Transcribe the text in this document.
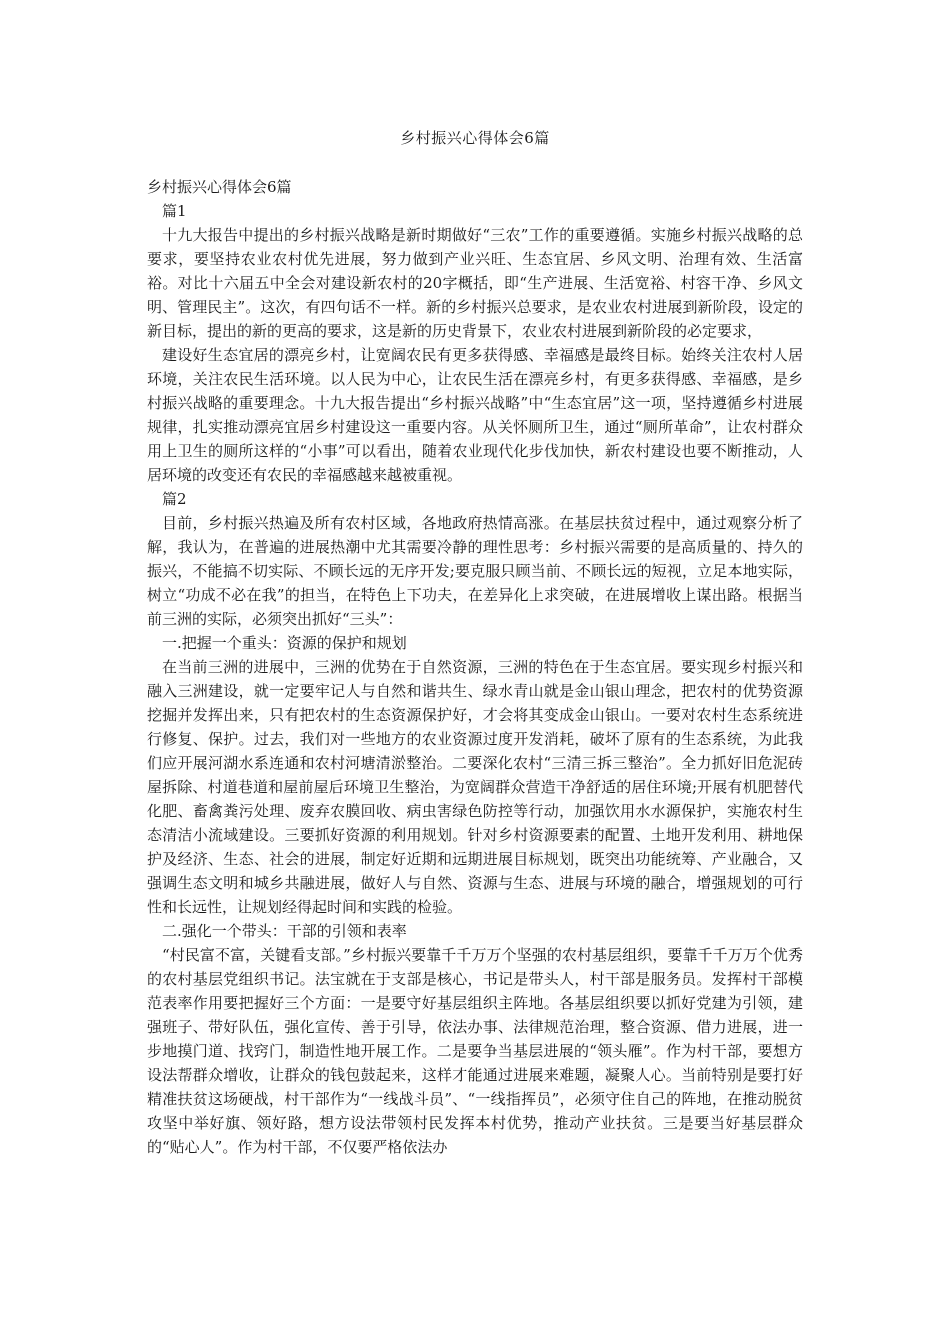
乡村振兴心得体会6篇

乡村振兴心得体会6篇

篇1

十九大报告中提出的乡村振兴战略是新时期做好“三农”工作的重要遵循。实施乡村振兴战略的总要求，要坚持农业农村优先进展，努力做到产业兴旺、生态宜居、乡风文明、治理有效、生活富裕。对比十六届五中全会对建设新农村的20字概括，即“生产进展、生活宽裕、村容干净、乡风文明、管理民主”。这次，有四句话不一样。新的乡村振兴总要求，是农业农村进展到新阶段，设定的新目标，提出的新的更高的要求，这是新的历史背景下，农业农村进展到新阶段的必定要求，

建设好生态宜居的漂亮乡村，让宽阔农民有更多获得感、幸福感是最终目标。始终关注农村人居环境，关注农民生活环境。以人民为中心，让农民生活在漂亮乡村，有更多获得感、幸福感，是乡村振兴战略的重要理念。十九大报告提出“乡村振兴战略”中“生态宜居”这一项，坚持遵循乡村进展规律，扎实推动漂亮宜居乡村建设这一重要内容。从关怀厕所卫生，通过“厕所革命”，让农村群众用上卫生的厕所这样的“小事”可以看出，随着农业现代化步伐加快，新农村建设也要不断推动，人居环境的改变还有农民的幸福感越来越被重视。

篇2

目前，乡村振兴热遍及所有农村区域，各地政府热情高涨。在基层扶贫过程中，通过观察分析了解，我认为，在普遍的进展热潮中尤其需要冷静的理性思考：乡村振兴需要的是高质量的、持久的振兴，不能搞不切实际、不顾长远的无序开发;要克服只顾当前、不顾长远的短视，立足本地实际，树立“功成不必在我”的担当，在特色上下功夫，在差异化上求突破，在进展增收上谋出路。根据当前三洲的实际，必须突出抓好“三头”：

一.把握一个重头：资源的保护和规划

在当前三洲的进展中，三洲的优势在于自然资源，三洲的特色在于生态宜居。要实现乡村振兴和融入三洲建设，就一定要牢记人与自然和谐共生、绿水青山就是金山银山理念，把农村的优势资源挖掘并发挥出来，只有把农村的生态资源保护好，才会将其变成金山银山。一要对农村生态系统进行修复、保护。过去，我们对一些地方的农业资源过度开发消耗，破坏了原有的生态系统，为此我们应开展河湖水系连通和农村河塘清淤整治。二要深化农村“三清三拆三整治”。全力抓好旧危泥砖屋拆除、村道巷道和屋前屋后环境卫生整治，为宽阔群众营造干净舒适的居住环境;开展有机肥替代化肥、畜禽粪污处理、废弃农膜回收、病虫害绿色防控等行动，加强饮用水水源保护，实施农村生态清洁小流域建设。三要抓好资源的利用规划。针对乡村资源要素的配置、土地开发利用、耕地保护及经济、生态、社会的进展，制定好近期和远期进展目标规划，既突出功能统筹、产业融合，又强调生态文明和城乡共融进展，做好人与自然、资源与生态、进展与环境的融合，增强规划的可行性和长远性，让规划经得起时间和实践的检验。

二.强化一个带头：干部的引领和表率

“村民富不富，关键看支部。”乡村振兴要靠千千万万个坚强的农村基层组织，要靠千千万万个优秀的农村基层党组织书记。法宝就在于支部是核心，书记是带头人，村干部是服务员。发挥村干部模范表率作用要把握好三个方面：一是要守好基层组织主阵地。各基层组织要以抓好党建为引领，建强班子、带好队伍，强化宣传、善于引导，依法办事、法律规范治理，整合资源、借力进展，进一步地摸门道、找窍门，制造性地开展工作。二是要争当基层进展的“领头雁”。作为村干部，要想方设法帮群众增收，让群众的钱包鼓起来，这样才能通过进展来难题，凝聚人心。当前特别是要打好精准扶贫这场硬战，村干部作为“一线战斗员”、“一线指挥员”，必须守住自己的阵地，在推动脱贫攻坚中举好旗、领好路，想方设法带领村民发挥本村优势，推动产业扶贫。三是要当好基层群众的“贴心人”。作为村干部，不仅要严格依法办
